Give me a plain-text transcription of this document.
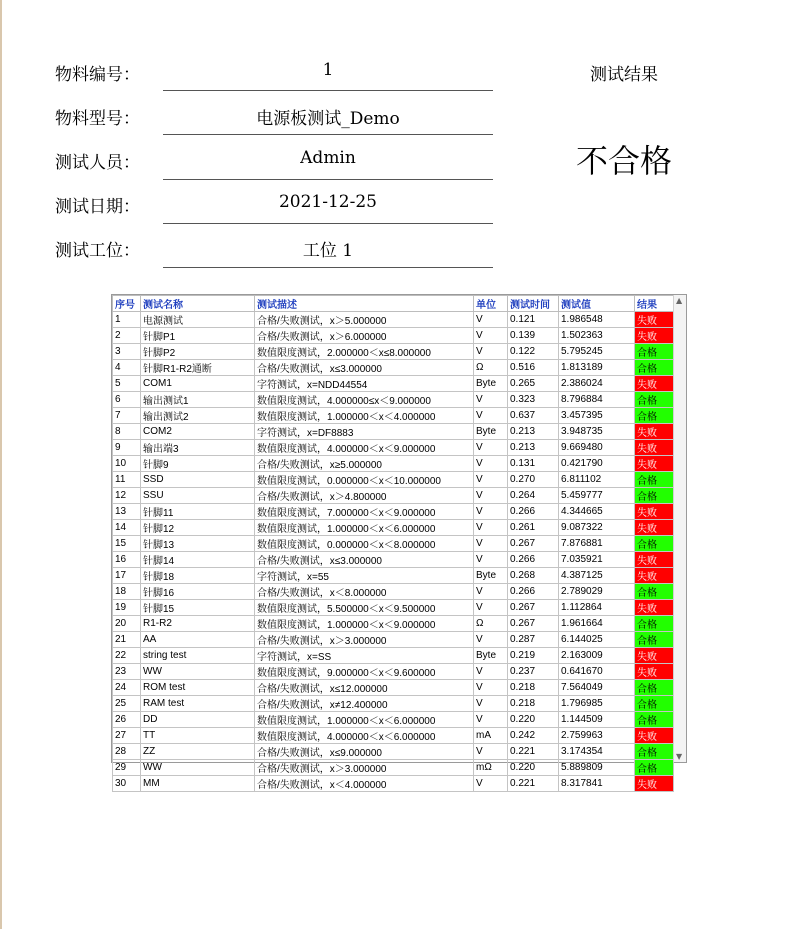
物料编号：	1
物料型号：	电源板测试_Demo
测试人员：	Admin
测试日期：	2021-12-25
测试工位：	工位 1
测试结果
不合格
序号	测试名称	测试描述	单位	测试时间	测试值	结果
1	电源测试	合格/失败测试，x＞5.000000	V	0.121	1.986548	失败
2	针脚P1	合格/失败测试，x＞6.000000	V	0.139	1.502363	失败
3	针脚P2	数值限度测试，2.000000＜x≤8.000000	V	0.122	5.795245	合格
4	针脚R1-R2通断	合格/失败测试，x≤3.000000	Ω	0.516	1.813189	合格
5	COM1	字符测试，x=NDD44554	Byte	0.265	2.386024	失败
6	输出测试1	数值限度测试，4.000000≤x＜9.000000	V	0.323	8.796884	合格
7	输出测试2	数值限度测试，1.000000＜x＜4.000000	V	0.637	3.457395	合格
8	COM2	字符测试，x=DF8883	Byte	0.213	3.948735	失败
9	输出端3	数值限度测试，4.000000＜x＜9.000000	V	0.213	9.669480	失败
10	针脚9	合格/失败测试，x≥5.000000	V	0.131	0.421790	失败
11	SSD	数值限度测试，0.000000＜x＜10.000000	V	0.270	6.811102	合格
12	SSU	合格/失败测试，x＞4.800000	V	0.264	5.459777	合格
13	针脚11	数值限度测试，7.000000＜x＜9.000000	V	0.266	4.344665	失败
14	针脚12	数值限度测试，1.000000＜x＜6.000000	V	0.261	9.087322	失败
15	针脚13	数值限度测试，0.000000＜x＜8.000000	V	0.267	7.876881	合格
16	针脚14	合格/失败测试，x≤3.000000	V	0.266	7.035921	失败
17	针脚18	字符测试，x=55	Byte	0.268	4.387125	失败
18	针脚16	合格/失败测试，x＜8.000000	V	0.266	2.789029	合格
19	针脚15	数值限度测试，5.500000＜x＜9.500000	V	0.267	1.112864	失败
20	R1-R2	数值限度测试，1.000000＜x＜9.000000	Ω	0.267	1.961664	合格
21	AA	合格/失败测试，x＞3.000000	V	0.287	6.144025	合格
22	string test	字符测试，x=SS	Byte	0.219	2.163009	失败
23	WW	数值限度测试，9.000000＜x＜9.600000	V	0.237	0.641670	失败
24	ROM test	合格/失败测试，x≤12.000000	V	0.218	7.564049	合格
25	RAM test	合格/失败测试，x≠12.400000	V	0.218	1.796985	合格
26	DD	数值限度测试，1.000000＜x＜6.000000	V	0.220	1.144509	合格
27	TT	数值限度测试，4.000000＜x＜6.000000	mA	0.242	2.759963	失败
28	ZZ	合格/失败测试，x≤9.000000	V	0.221	3.174354	合格
29	WW	合格/失败测试，x＞3.000000	mΩ	0.220	5.889809	合格
30	MM	合格/失败测试，x＜4.000000	V	0.221	8.317841	失败
▲
▼
